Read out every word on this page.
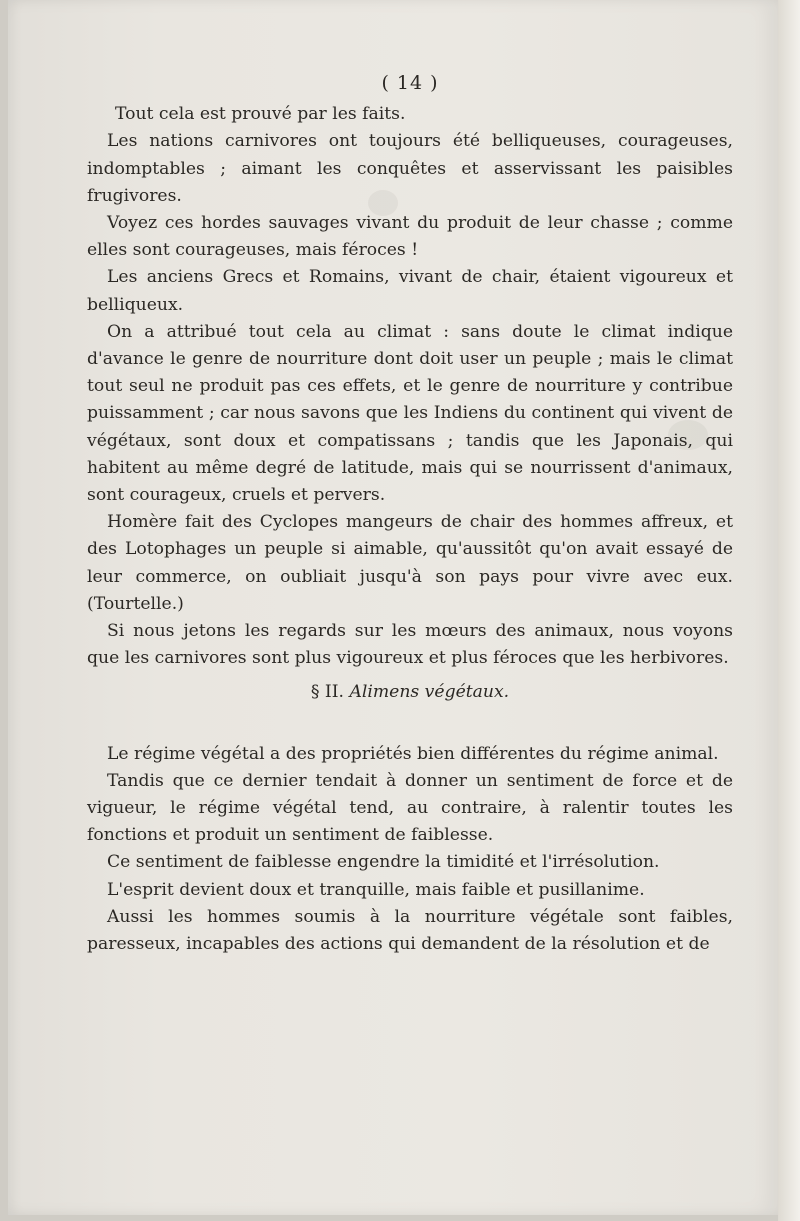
( 14 )

Tout cela est prouvé par les faits.

Les nations carnivores ont toujours été belliqueuses, courageuses, indomptables ; aimant les conquêtes et asservissant les paisibles frugivores.

Voyez ces hordes sauvages vivant du produit de leur chasse ; comme elles sont courageuses, mais féroces !

Les anciens Grecs et Romains, vivant de chair, étaient vigoureux et belliqueux.

On a attribué tout cela au climat : sans doute le climat indique d'avance le genre de nourriture dont doit user un peuple ; mais le climat tout seul ne produit pas ces effets, et le genre de nourriture y contribue puissamment ; car nous savons que les Indiens du continent qui vivent de végétaux, sont doux et compatissans ; tandis que les Japonais, qui habitent au même degré de latitude, mais qui se nourrissent d'animaux, sont courageux, cruels et pervers.

Homère fait des Cyclopes mangeurs de chair des hommes affreux, et des Lotophages un peuple si aimable, qu'aussitôt qu'on avait essayé de leur commerce, on oubliait jusqu'à son pays pour vivre avec eux. (Tourtelle.)

Si nous jetons les regards sur les mœurs des animaux, nous voyons que les carnivores sont plus vigoureux et plus féroces que les herbivores.

§ II. Alimens végétaux.

Le régime végétal a des propriétés bien différentes du régime animal.

Tandis que ce dernier tendait à donner un sentiment de force et de vigueur, le régime végétal tend, au contraire, à ralentir toutes les fonctions et produit un sentiment de faiblesse.

Ce sentiment de faiblesse engendre la timidité et l'irrésolution.

L'esprit devient doux et tranquille, mais faible et pusillanime.

Aussi les hommes soumis à la nourriture végétale sont faibles, paresseux, incapables des actions qui demandent de la résolution et de
